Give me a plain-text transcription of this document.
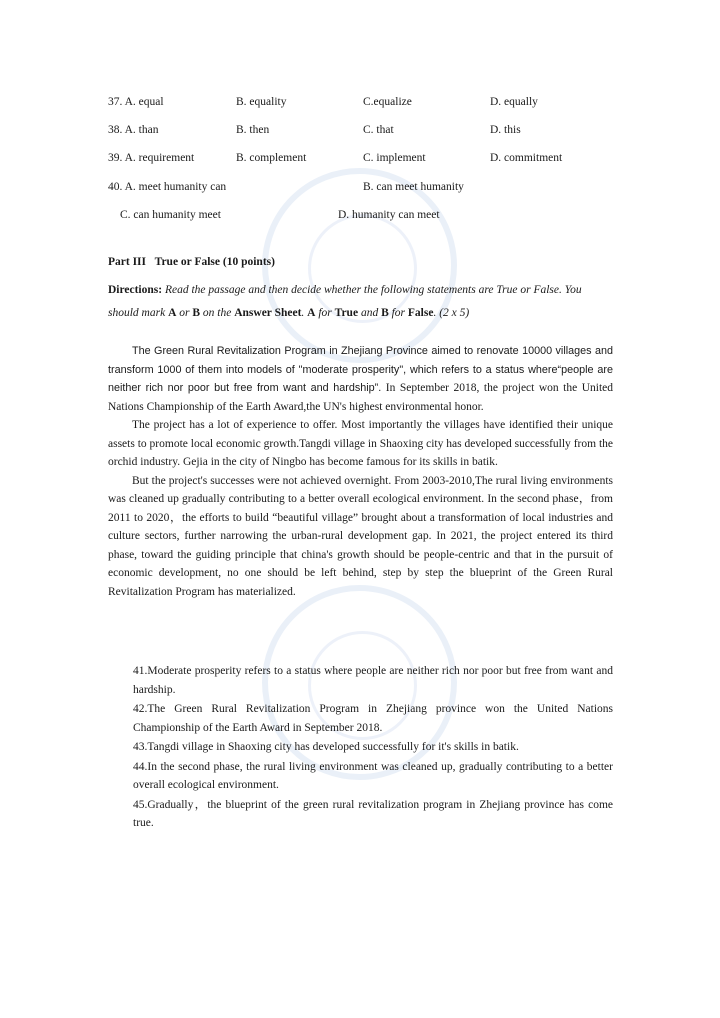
37. A. equal	B. equality	C.equalize	D. equally
38. A. than	B. then	C. that	D. this
39. A. requirement	B. complement	C. implement	D. commitment
40. A. meet humanity can	B. can meet humanity
C. can humanity meet	D. humanity can meet
Part III   True or False (10 points)
Directions: Read the passage and then decide whether the following statements are True or False. You should mark A or B on the Answer Sheet. A for True and B for False. (2 x 5)

The Green Rural Revitalization Program in Zhejiang Province aimed to renovate 10000 villages and transform 1000 of them into models of "moderate prosperity", which refers to a status where“people are neither rich nor poor but free from want and hardship”. In September 2018, the project won the United Nations Championship of the Earth Award,the UN's highest environmental honor.

The project has a lot of experience to offer. Most importantly the villages have identified their unique assets to promote local economic growth.Tangdi village in Shaoxing city has developed successfully from the orchid industry. Gejia in the city of Ningbo has become famous for its skills in batik.

But the project's successes were not achieved overnight. From 2003-2010,The rural living environments was cleaned up gradually contributing to a better overall ecological environment. In the second phase，from 2011 to 2020，the efforts to build “beautiful village” brought about a transformation of local industries and culture sectors, further narrowing the urban-rural development gap. In 2021, the project entered its third phase, toward the guiding principle that china's growth should be people-centric and that in the pursuit of economic development, no one should be left behind, step by step the blueprint of the Green Rural Revitalization Program has materialized.

41.Moderate prosperity refers to a status where people are neither rich nor poor but free from want and hardship.

42.The Green Rural Revitalization Program in Zhejiang province won the United Nations Championship of the Earth Award in September 2018.

43.Tangdi village in Shaoxing city has developed successfully for it's skills in batik.

44.In the second phase, the rural living environment was cleaned up, gradually contributing to a better overall ecological environment.

45.Gradually，the blueprint of the green rural revitalization program in Zhejiang province has come true.
